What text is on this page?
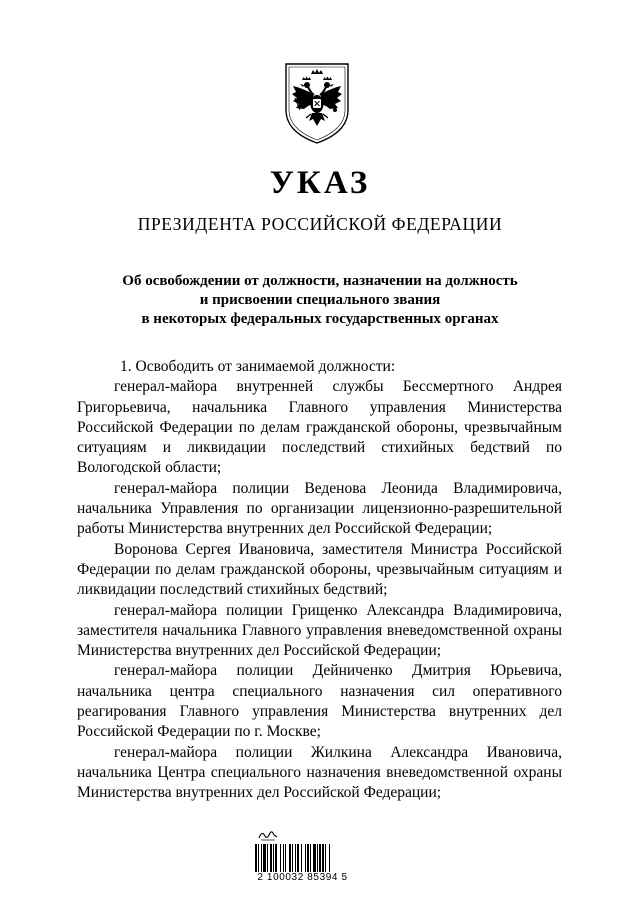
УКАЗ
ПРЕЗИДЕНТА РОССИЙСКОЙ ФЕДЕРАЦИИ
Об освобождении от должности, назначении на должность
и присвоении специального звания
в некоторых федеральных государственных органах

1. Освободить от занимаемой должности:

генерал-майора внутренней службы Бессмертного Андрея Григорьевича, начальника Главного управления Министерства Российской Федерации по делам гражданской обороны, чрезвычайным ситуациям и ликвидации последствий стихийных бедствий по Вологодской области;

генерал-майора полиции Веденова Леонида Владимировича, начальника Управления по организации лицензионно-разрешительной работы Министерства внутренних дел Российской Федерации;

Воронова Сергея Ивановича, заместителя Министра Российской Федерации по делам гражданской обороны, чрезвычайным ситуациям и ликвидации последствий стихийных бедствий;

генерал-майора полиции Грищенко Александра Владимировича, заместителя начальника Главного управления вневедомственной охраны Министерства внутренних дел Российской Федерации;

генерал-майора полиции Дейниченко Дмитрия Юрьевича, начальника центра специального назначения сил оперативного реагирования Главного управления Министерства внутренних дел Российской Федерации по г. Москве;

генерал-майора полиции Жилкина Александра Ивановича, начальника Центра специального назначения вневедомственной охраны Министерства внутренних дел Российской Федерации;

2 100032 85394 5
